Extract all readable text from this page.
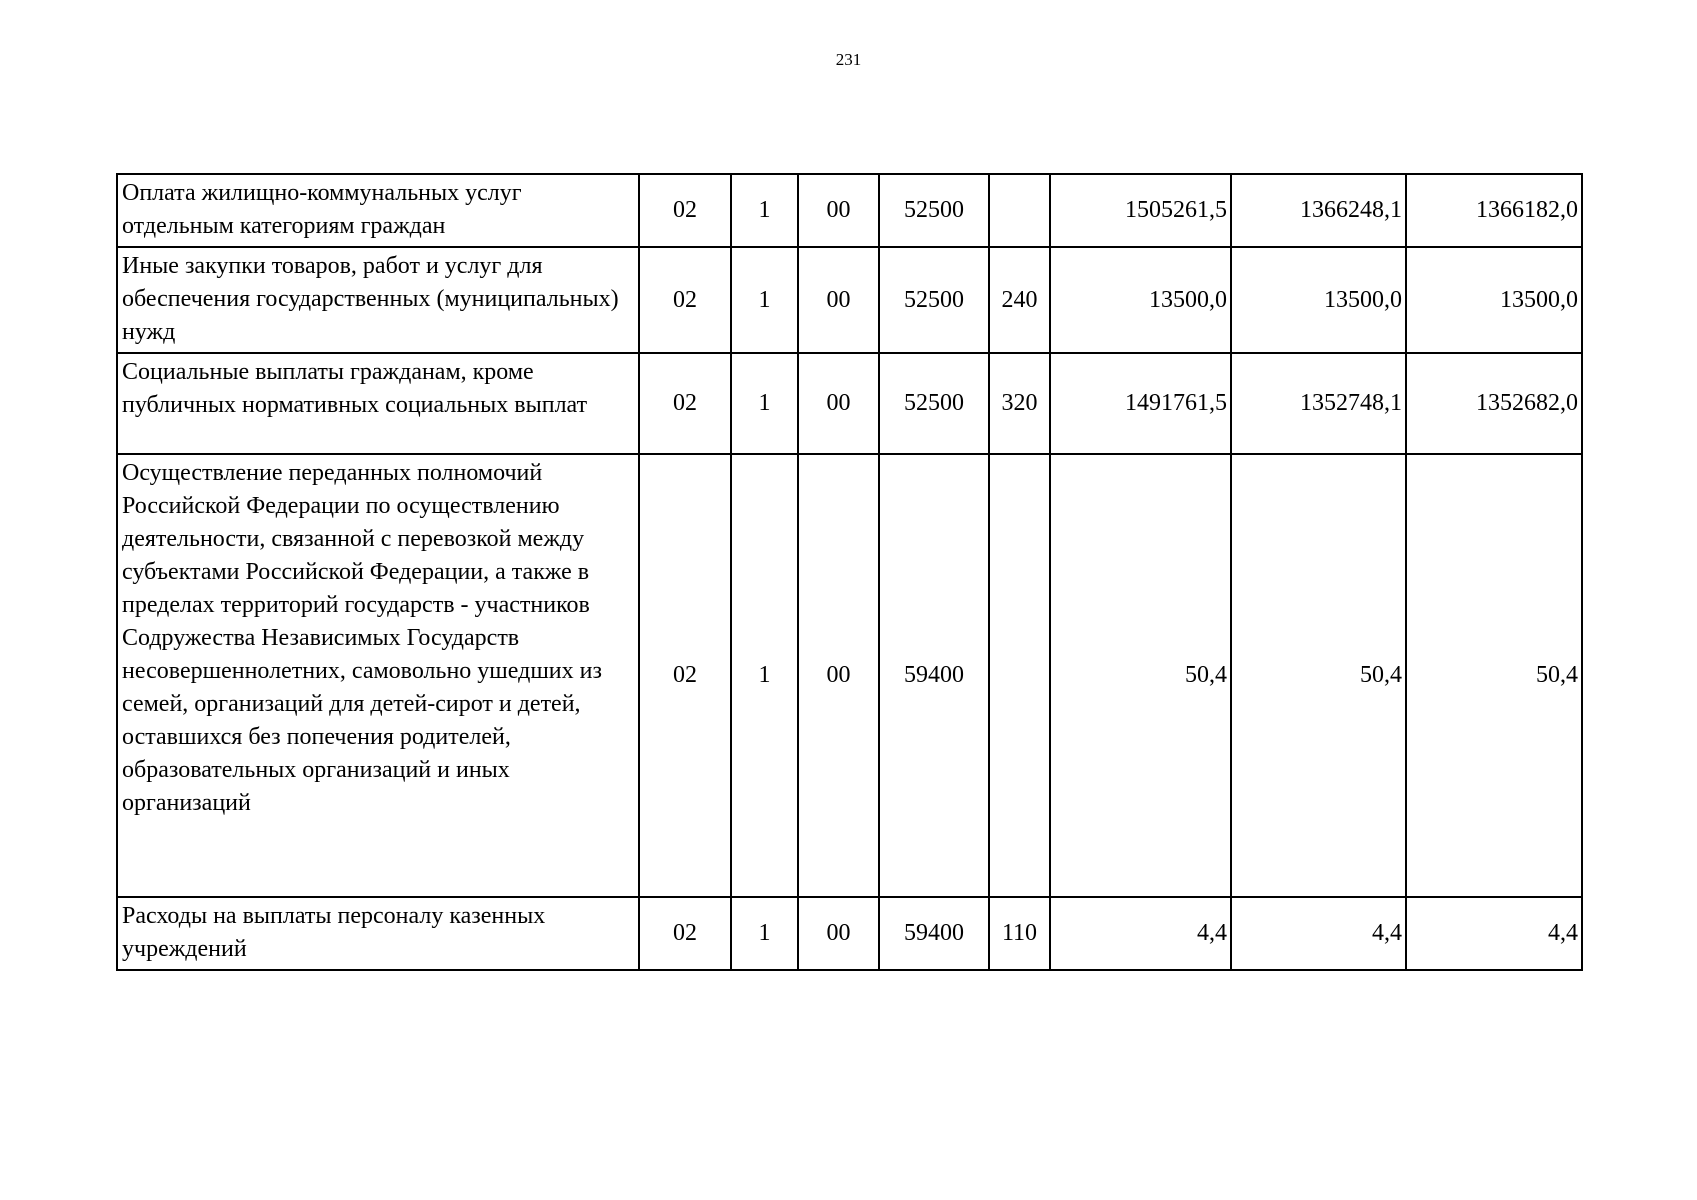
231
Оплата жилищно-коммунальных услуг отдельным категориям граждан	02	1	00	52500		1505261,5	1366248,1	1366182,0
Иные закупки товаров, работ и услуг для обеспечения государственных (муниципальных) нужд	02	1	00	52500	240	13500,0	13500,0	13500,0
Социальные выплаты гражданам, кроме публичных нормативных социальных выплат	02	1	00	52500	320	1491761,5	1352748,1	1352682,0
Осуществление переданных полномочий Российской Федерации по осуществлению деятельности, связанной с перевозкой между субъектами Российской Федерации, а также в пределах территорий государств - участников Содружества Независимых Государств несовершеннолетних, самовольно ушедших из семей, организаций для детей-сирот и детей, оставшихся без попечения родителей, образовательных организаций и иных организаций	02	1	00	59400		50,4	50,4	50,4
Расходы на выплаты персоналу казенных учреждений	02	1	00	59400	110	4,4	4,4	4,4
